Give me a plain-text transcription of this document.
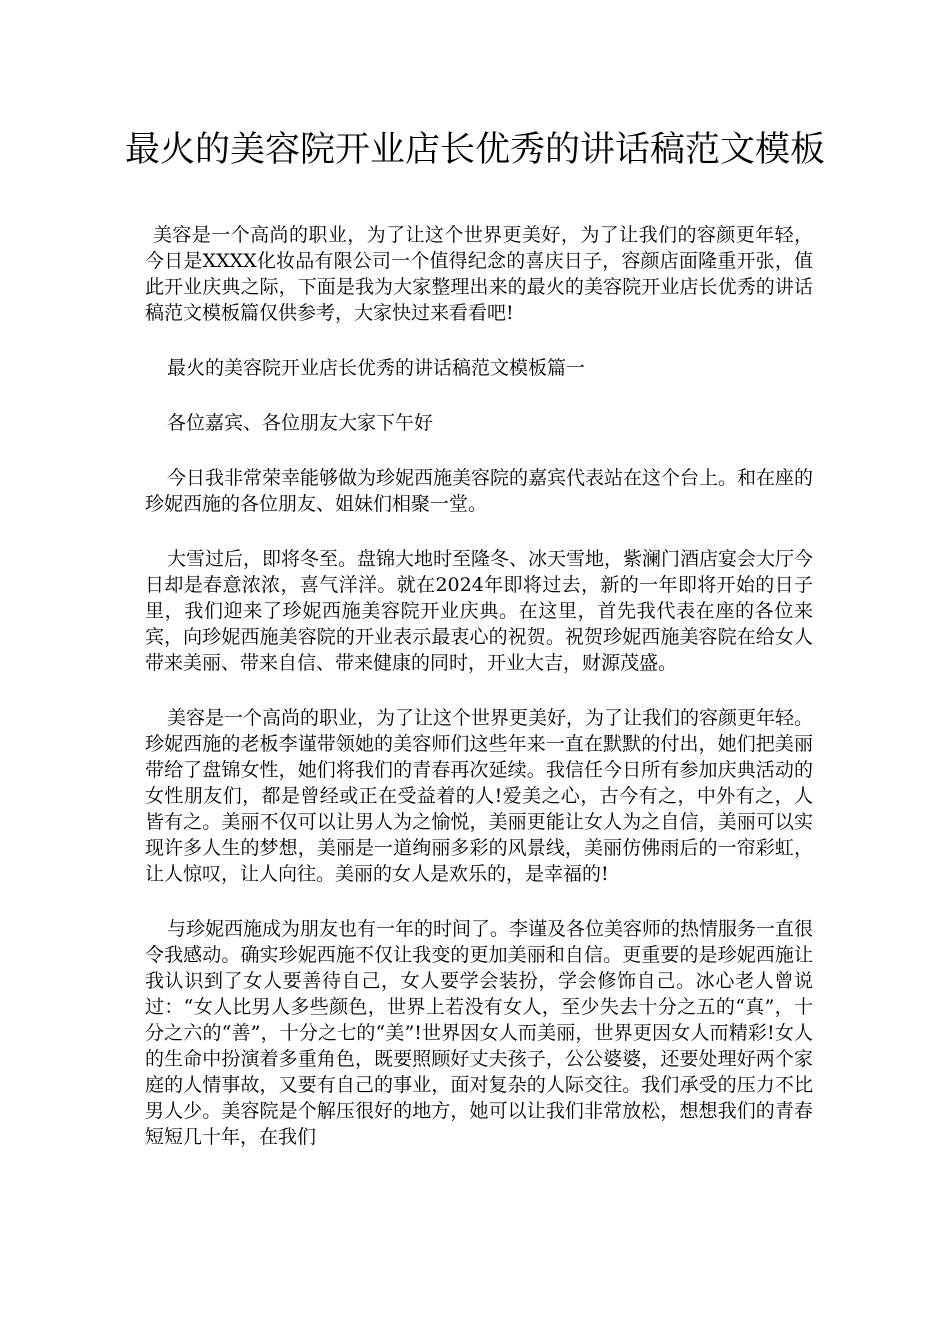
最火的美容院开业店长优秀的讲话稿范文模板

美容是一个高尚的职业，为了让这个世界更美好，为了让我们的容颜更年轻，今日是XXXX化妆品有限公司一个值得纪念的喜庆日子，容颜店面隆重开张，值此开业庆典之际，下面是我为大家整理出来的最火的美容院开业店长优秀的讲话稿范文模板篇仅供参考，大家快过来看看吧!

最火的美容院开业店长优秀的讲话稿范文模板篇一

各位嘉宾、各位朋友大家下午好

今日我非常荣幸能够做为珍妮西施美容院的嘉宾代表站在这个台上。和在座的珍妮西施的各位朋友、姐妹们相聚一堂。

大雪过后，即将冬至。盘锦大地时至隆冬、冰天雪地，紫澜门酒店宴会大厅今日却是春意浓浓，喜气洋洋。就在2024年即将过去，新的一年即将开始的日子里，我们迎来了珍妮西施美容院开业庆典。在这里，首先我代表在座的各位来宾，向珍妮西施美容院的开业表示最衷心的祝贺。祝贺珍妮西施美容院在给女人带来美丽、带来自信、带来健康的同时，开业大吉，财源茂盛。

美容是一个高尚的职业，为了让这个世界更美好，为了让我们的容颜更年轻。珍妮西施的老板李谨带领她的美容师们这些年来一直在默默的付出，她们把美丽带给了盘锦女性，她们将我们的青春再次延续。我信任今日所有参加庆典活动的女性朋友们，都是曾经或正在受益着的人!爱美之心，古今有之，中外有之，人皆有之。美丽不仅可以让男人为之愉悦，美丽更能让女人为之自信，美丽可以实现许多人生的梦想，美丽是一道绚丽多彩的风景线，美丽仿佛雨后的一帘彩虹，让人惊叹，让人向往。美丽的女人是欢乐的，是幸福的!

与珍妮西施成为朋友也有一年的时间了。李谨及各位美容师的热情服务一直很令我感动。确实珍妮西施不仅让我变的更加美丽和自信。更重要的是珍妮西施让我认识到了女人要善待自己，女人要学会装扮，学会修饰自己。冰心老人曾说过：“女人比男人多些颜色，世界上若没有女人，至少失去十分之五的“真”，十分之六的“善”，十分之七的“美”!世界因女人而美丽，世界更因女人而精彩!女人的生命中扮演着多重角色，既要照顾好丈夫孩子，公公婆婆，还要处理好两个家庭的人情事故，又要有自己的事业，面对复杂的人际交往。我们承受的压力不比男人少。美容院是个解压很好的地方，她可以让我们非常放松，想想我们的青春短短几十年，在我们
